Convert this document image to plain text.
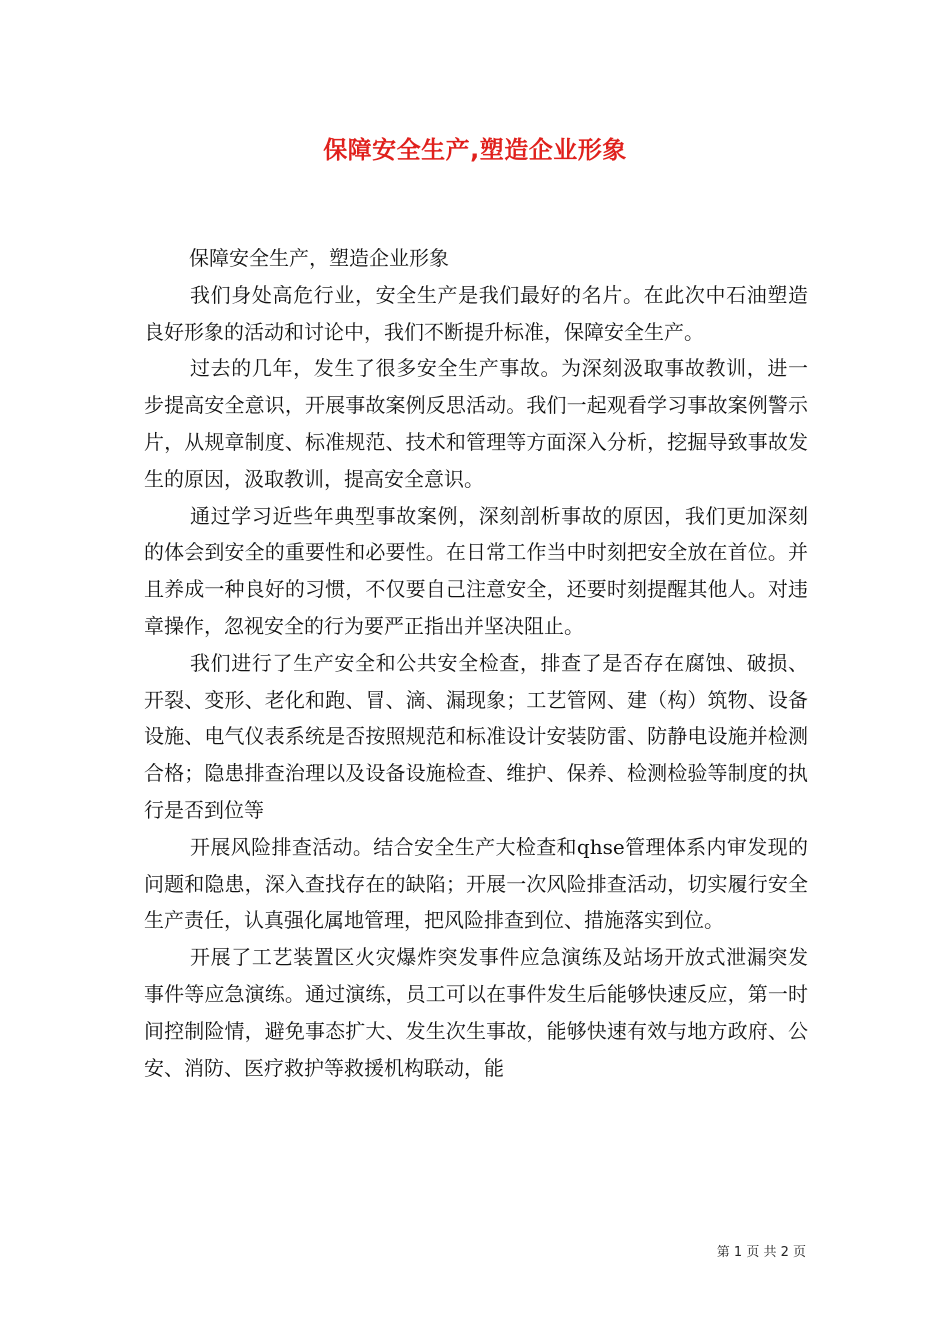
保障安全生产,塑造企业形象

保障安全生产，塑造企业形象

我们身处高危行业，安全生产是我们最好的名片。在此次中石油塑造良好形象的活动和讨论中，我们不断提升标准，保障安全生产。

过去的几年，发生了很多安全生产事故。为深刻汲取事故教训，进一步提高安全意识，开展事故案例反思活动。我们一起观看学习事故案例警示片，从规章制度、标准规范、技术和管理等方面深入分析，挖掘导致事故发生的原因，汲取教训，提高安全意识。

通过学习近些年典型事故案例，深刻剖析事故的原因，我们更加深刻的体会到安全的重要性和必要性。在日常工作当中时刻把安全放在首位。并且养成一种良好的习惯，不仅要自己注意安全，还要时刻提醒其他人。对违章操作，忽视安全的行为要严正指出并坚决阻止。

我们进行了生产安全和公共安全检查，排查了是否存在腐蚀、破损、开裂、变形、老化和跑、冒、滴、漏现象；工艺管网、建（构）筑物、设备设施、电气仪表系统是否按照规范和标准设计安装防雷、防静电设施并检测合格；隐患排查治理以及设备设施检查、维护、保养、检测检验等制度的执行是否到位等

开展风险排查活动。结合安全生产大检查和qhse管理体系内审发现的问题和隐患，深入查找存在的缺陷；开展一次风险排查活动，切实履行安全生产责任，认真强化属地管理，把风险排查到位、措施落实到位。

开展了工艺装置区火灾爆炸突发事件应急演练及站场开放式泄漏突发事件等应急演练。通过演练，员工可以在事件发生后能够快速反应，第一时间控制险情，避免事态扩大、发生次生事故，能够快速有效与地方政府、公安、消防、医疗救护等救援机构联动，能

第 1 页 共 2 页
